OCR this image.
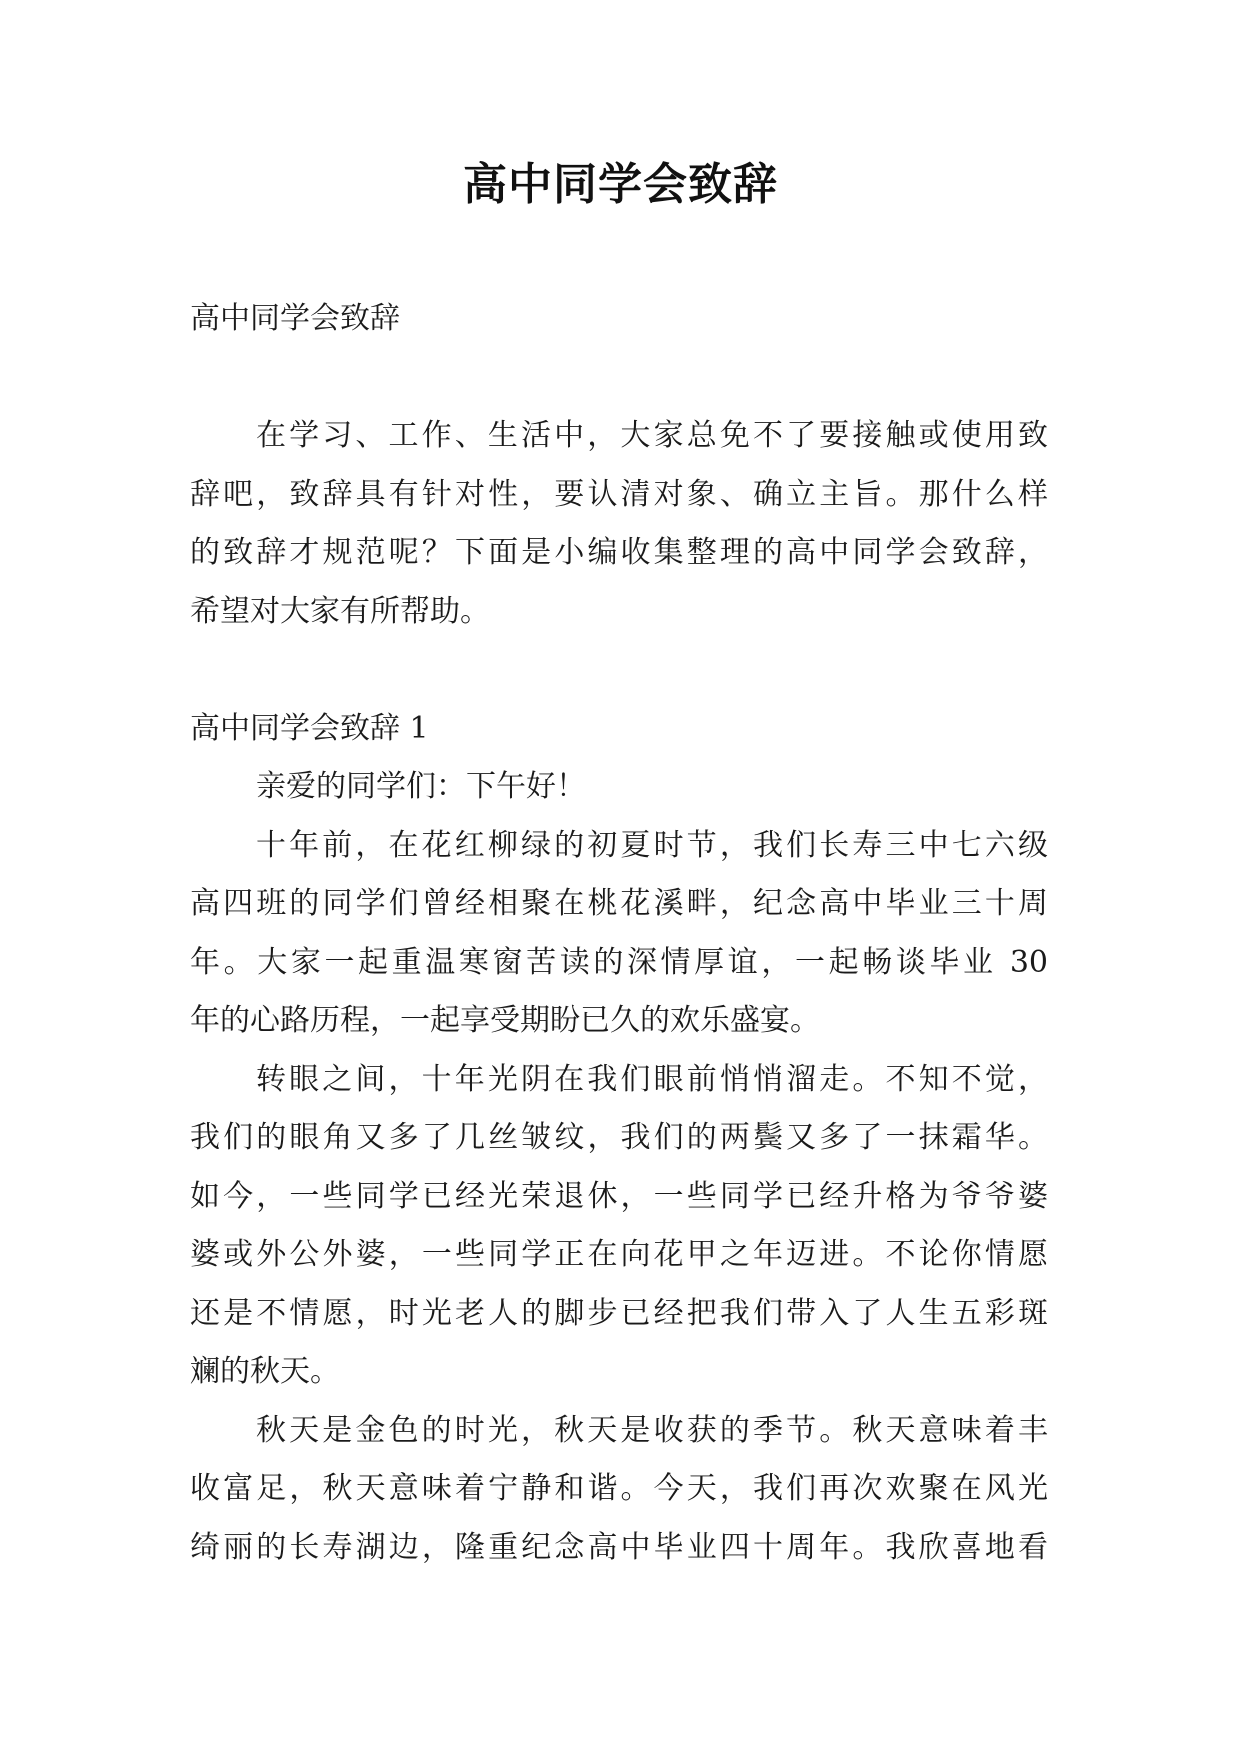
高中同学会致辞
高中同学会致辞
在学习、工作、生活中，大家总免不了要接触或使用致
辞吧，致辞具有针对性，要认清对象、确立主旨。那什么样
的致辞才规范呢？下面是小编收集整理的高中同学会致辞，
希望对大家有所帮助。
高中同学会致辞 1
亲爱的同学们：下午好！
十年前，在花红柳绿的初夏时节，我们长寿三中七六级
高四班的同学们曾经相聚在桃花溪畔，纪念高中毕业三十周
年。大家一起重温寒窗苦读的深情厚谊，一起畅谈毕业 30
年的心路历程，一起享受期盼已久的欢乐盛宴。
转眼之间，十年光阴在我们眼前悄悄溜走。不知不觉，
我们的眼角又多了几丝皱纹，我们的两鬓又多了一抹霜华。
如今，一些同学已经光荣退休，一些同学已经升格为爷爷婆
婆或外公外婆，一些同学正在向花甲之年迈进。不论你情愿
还是不情愿，时光老人的脚步已经把我们带入了人生五彩斑
斓的秋天。
秋天是金色的时光，秋天是收获的季节。秋天意味着丰
收富足，秋天意味着宁静和谐。今天，我们再次欢聚在风光
绮丽的长寿湖边，隆重纪念高中毕业四十周年。我欣喜地看
